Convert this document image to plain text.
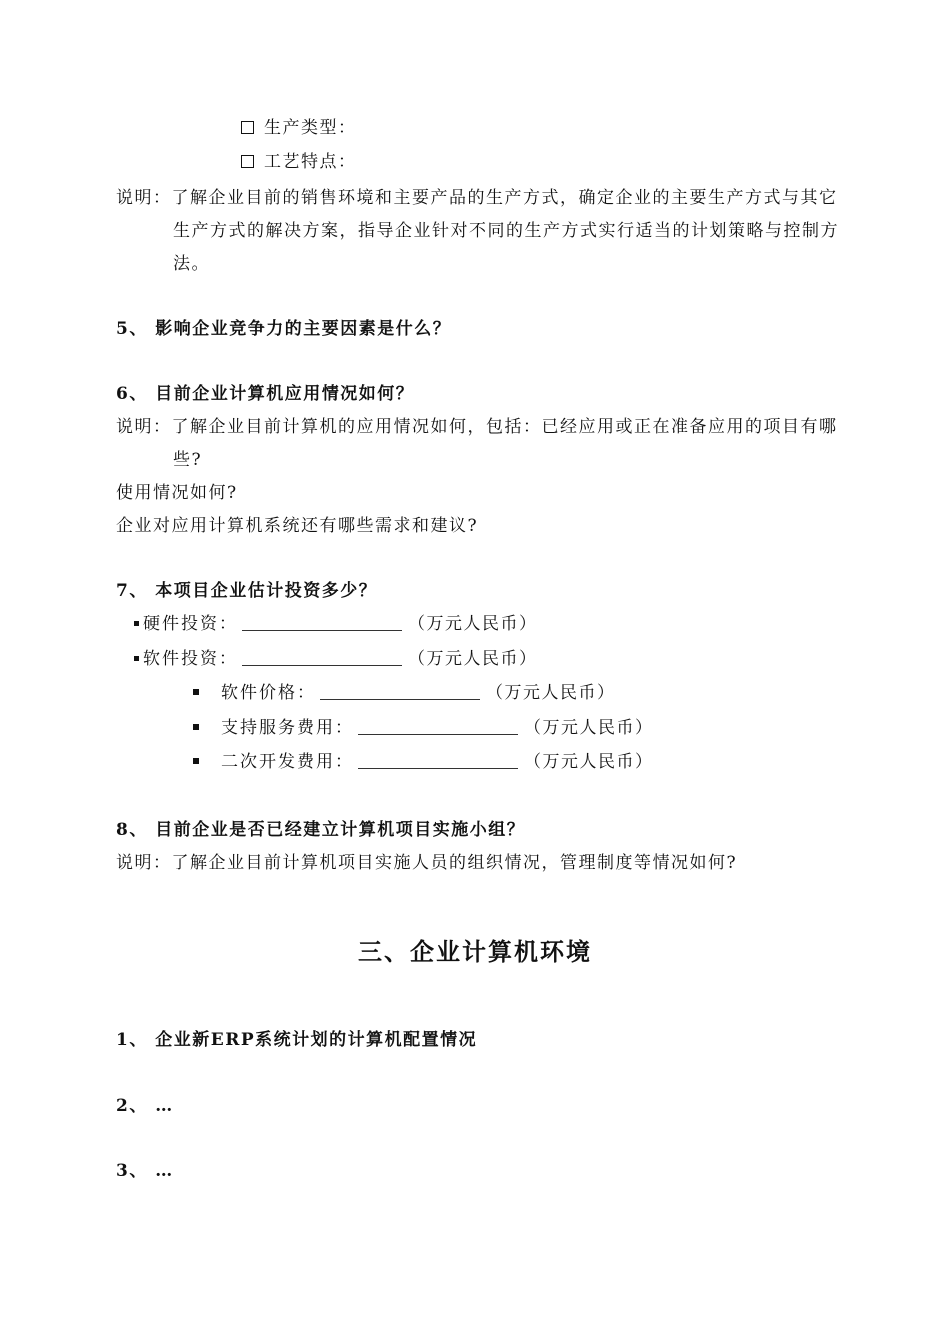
生产类型：
工艺特点：
说明：了解企业目前的销售环境和主要产品的生产方式，确定企业的主要生产方式与其它
生产方式的解决方案，指导企业针对不同的生产方式实行适当的计划策略与控制方
法。
5、 影响企业竞争力的主要因素是什么？
6、 目前企业计算机应用情况如何？
说明：了解企业目前计算机的应用情况如何，包括：已经应用或正在准备应用的项目有哪
些?
使用情况如何?
企业对应用计算机系统还有哪些需求和建议?
7、 本项目企业估计投资多少？
硬件投资：	（万元人民币）
软件投资：	（万元人民币）
软件价格：	（万元人民币）
支持服务费用：	（万元人民币）
二次开发费用：	（万元人民币）
8、 目前企业是否已经建立计算机项目实施小组？
说明：了解企业目前计算机项目实施人员的组织情况，管理制度等情况如何?
三、企业计算机环境
1、 企业新ERP系统计划的计算机配置情况
2、 …
3、 …
